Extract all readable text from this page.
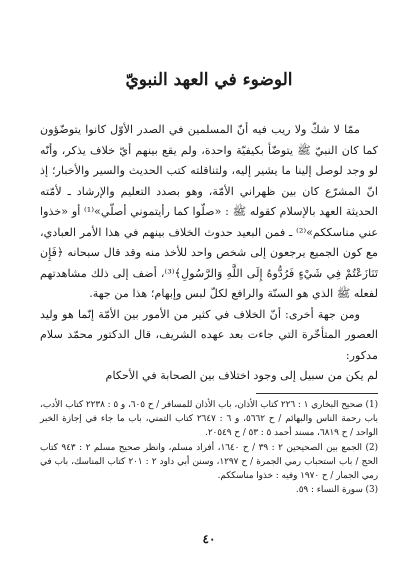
الوضوء في العهد النبويّ

ممّا لا شكّ ولا ريب فيه أنّ المسلمين في الصدر الأوّل كانوا يتوضّؤون كما كان النبيّ ﷺ يتوضّأ بكيفيّة واحدة، ولم يقع بينهم أيّ خلاف يذكر، وأنّه لو وجد لوصل إلينا ما يشير إليه، ولتناقلته كتب الحديث والسير والأخبار؛ إذ انّ المشرّع كان بين ظهراني الأمّة، وهو بصدد التعليم والإرشاد ـ لأمّته الحديثة العهد بالإسلام كقوله ﷺ : «صلّوا كما رأيتموني أصلّي»⁽¹⁾ أو «خذوا عني مناسككم»⁽²⁾ ـ فمن البعيد حدوث الخلاف بينهم في هذا الأمر العبادي، مع كون الجميع يرجعون إلى شخص واحد للأخذ منه وقد قال سبحانه ﴿فَإِن تَنَازَعْتُمْ فِي شَيْءٍ فَرُدُّوهُ إِلَى اللَّهِ وَالرَّسُولِ﴾⁽³⁾، أضف إلى ذلك مشاهدتهم لفعله ﷺ الذي هو السنّة والرافع لكلّ لبس وإبهام؛ هذا من جهة.

ومن جهة أخرى: أنّ الخلاف في كثير من الأمور بين الأمّة إنّما هو وليد العصور المتأخّرة التي جاءت بعد عهده الشريف، قال الدكتور محمّد سلام مدكور:

لم يكن من سبيل إلى وجود اختلاف بين الصحابة في الأحكام

(1) صحيح البخاري ١ : ٢٢٦ كتاب الأذان، باب الأذان للمسافر / ح ٦٠٥، و ٥ : ٢٢٣٨ كتاب الأدب، باب رحمة الناس والبهائم / ح ٥٦٦٢، و ٦ : ٢٦٤٧ كتاب التمني، باب ما جاء في إجازة الخبر الواحد / ح ٦٨١٩، مسند أحمد ٥ : ٥٣ / ح ٢٠٥٤٩.

(2) الجمع بين الصحيحين ٢ : ٣٩ / ح ١٦٤٠، أفراد مسلم، وانظر صحيح مسلم ٢ : ٩٤٣ كتاب الحج / باب استحباب رمي الجمرة / ح ١٢٩٧، وسنن أبي داود ٢ : ٢٠١ كتاب المناسك، باب في رمي الجمار / ح ١٩٧٠ وفيه : خذوا مناسككم.

(3) سورة النساء : ٥٩.

٤٠
